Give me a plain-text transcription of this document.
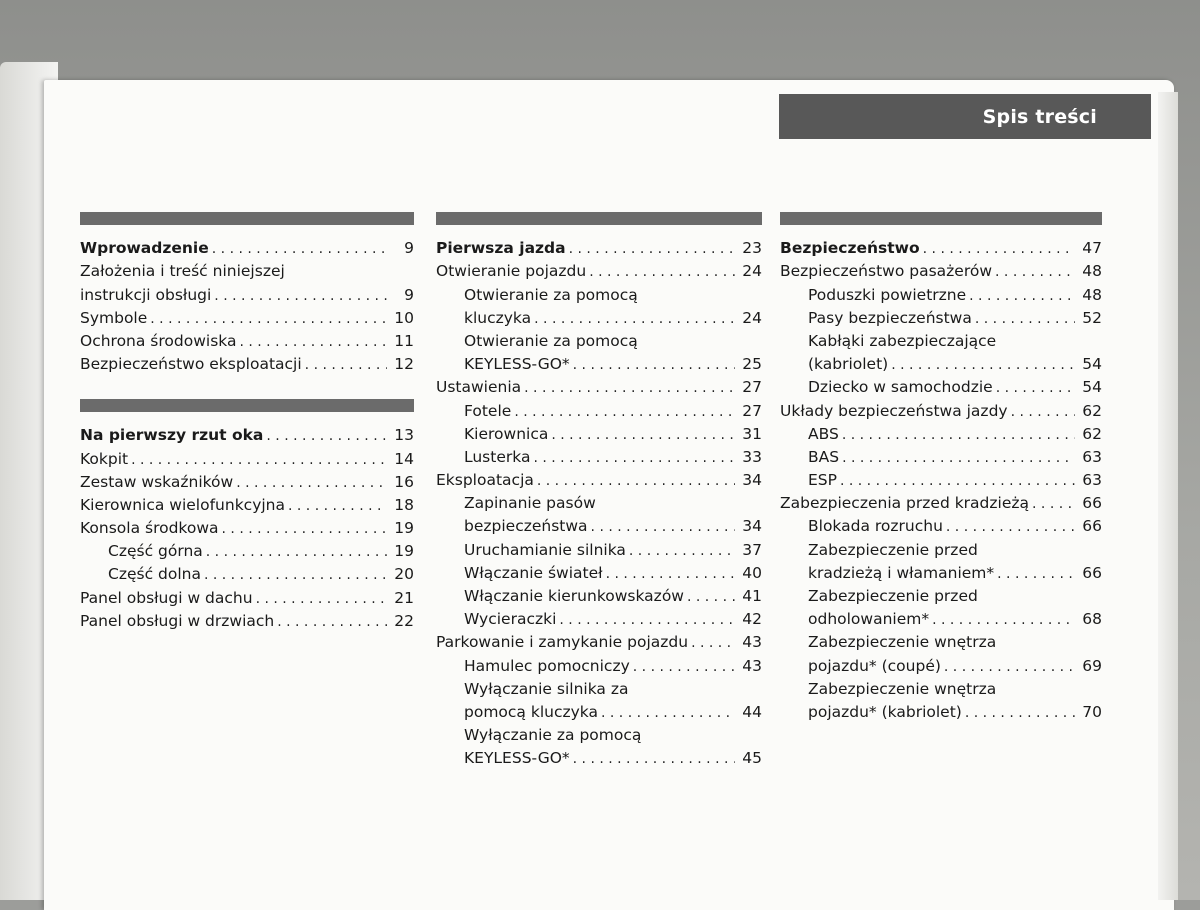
Spis treści
Wprowadzenie . . .	9
Założenia i treść niniejszej
instrukcji obsługi . . .	9
Symbole . . .	10
Ochrona środowiska . . .	11
Bezpieczeństwo eksploatacji . . .	12
Na pierwszy rzut oka . . .	13
Kokpit . . .	14
Zestaw wskaźników . . .	16
Kierownica wielofunkcyjna . . .	18
Konsola środkowa . . .	19
Część górna . . .	19
Część dolna . . .	20
Panel obsługi w dachu . . .	21
Panel obsługi w drzwiach . . .	22
Pierwsza jazda . . .	23
Otwieranie pojazdu . . .	24
Otwieranie za pomocą
kluczyka . . .	24
Otwieranie za pomocą
KEYLESS-GO* . . .	25
Ustawienia . . .	27
Fotele . . .	27
Kierownica . . .	31
Lusterka . . .	33
Eksploatacja . . .	34
Zapinanie pasów
bezpieczeństwa . . .	34
Uruchamianie silnika . . .	37
Włączanie świateł . . .	40
Włączanie kierunkowskazów . . .	41
Wycieraczki . . .	42
Parkowanie i zamykanie pojazdu . . .	43
Hamulec pomocniczy . . .	43
Wyłączanie silnika za
pomocą kluczyka . . .	44
Wyłączanie za pomocą
KEYLESS-GO* . . .	45
Bezpieczeństwo . . .	47
Bezpieczeństwo pasażerów . . .	48
Poduszki powietrzne . . .	48
Pasy bezpieczeństwa . . .	52
Kabłąki zabezpieczające
(kabriolet) . . .	54
Dziecko w samochodzie . . .	54
Układy bezpieczeństwa jazdy . . .	62
ABS . . .	62
BAS . . .	63
ESP . . .	63
Zabezpieczenia przed kradzieżą . . .	66
Blokada rozruchu . . .	66
Zabezpieczenie przed
kradzieżą i włamaniem* . . .	66
Zabezpieczenie przed
odholowaniem* . . .	68
Zabezpieczenie wnętrza
pojazdu* (coupé) . . .	69
Zabezpieczenie wnętrza
pojazdu* (kabriolet) . . .	70
